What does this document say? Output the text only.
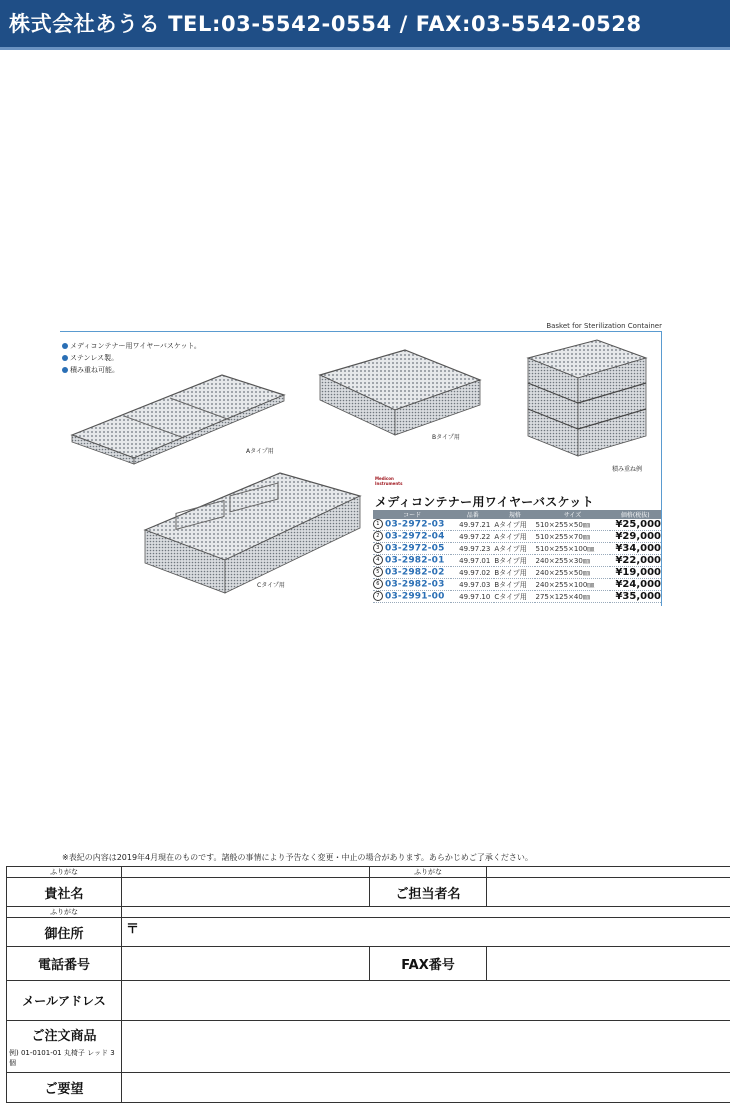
株式会社あうる TEL:03-5542-0554 / FAX:03-5542-0528
Basket for Sterilization Container
メディコンテナー用ワイヤーバスケット。
ステンレス製。
積み重ね可能。
Aタイプ用
Bタイプ用
積み重ね例
Cタイプ用
Medicon Instruments
メディコンテナー用ワイヤーバスケット
コード	品番	規格	サイズ	価格(税抜)
1 03-2972-03	49.97.21	Aタイプ用	510×255×50㎜	¥25,000
2 03-2972-04	49.97.22	Aタイプ用	510×255×70㎜	¥29,000
3 03-2972-05	49.97.23	Aタイプ用	510×255×100㎜	¥34,000
4 03-2982-01	49.97.01	Bタイプ用	240×255×30㎜	¥22,000
5 03-2982-02	49.97.02	Bタイプ用	240×255×50㎜	¥19,000
6 03-2982-03	49.97.03	Bタイプ用	240×255×100㎜	¥24,000
7 03-2991-00	49.97.10	Cタイプ用	275×125×40㎜	¥35,000
※表紀の内容は2019年4月現在のものです。諸般の事情により予告なく変更・中止の場合があります。あらかじめご了承ください。
ふりがな		ふりがな	
貴社名		ご担当者名	
ふりがな			
御住所	〒		
電話番号		FAX番号	
メールアドレス			
ご注文商品
例) 01-0101-01 丸椅子 レッド 3個			

ご要望			
